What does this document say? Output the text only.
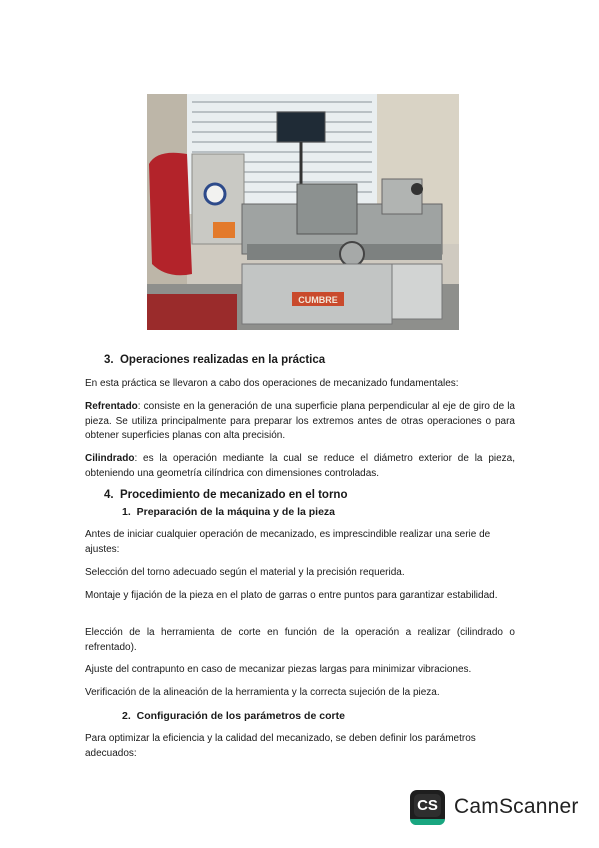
CUMBRE
3. Operaciones realizadas en la práctica
En esta práctica se llevaron a cabo dos operaciones de mecanizado fundamentales:
Refrentado: consiste en la generación de una superficie plana perpendicular al eje de giro de la pieza. Se utiliza principalmente para preparar los extremos antes de otras operaciones o para obtener superficies planas con alta precisión.
Cilindrado: es la operación mediante la cual se reduce el diámetro exterior de la pieza, obteniendo una geometría cilíndrica con dimensiones controladas.
4. Procedimiento de mecanizado en el torno
1. Preparación de la máquina y de la pieza
Antes de iniciar cualquier operación de mecanizado, es imprescindible realizar una serie de ajustes:
Selección del torno adecuado según el material y la precisión requerida.
Montaje y fijación de la pieza en el plato de garras o entre puntos para garantizar estabilidad.
Elección de la herramienta de corte en función de la operación a realizar (cilindrado o refrentado).
Ajuste del contrapunto en caso de mecanizar piezas largas para minimizar vibraciones.
Verificación de la alineación de la herramienta y la correcta sujeción de la pieza.
2. Configuración de los parámetros de corte
Para optimizar la eficiencia y la calidad del mecanizado, se deben definir los parámetros adecuados:
CS CamScanner
